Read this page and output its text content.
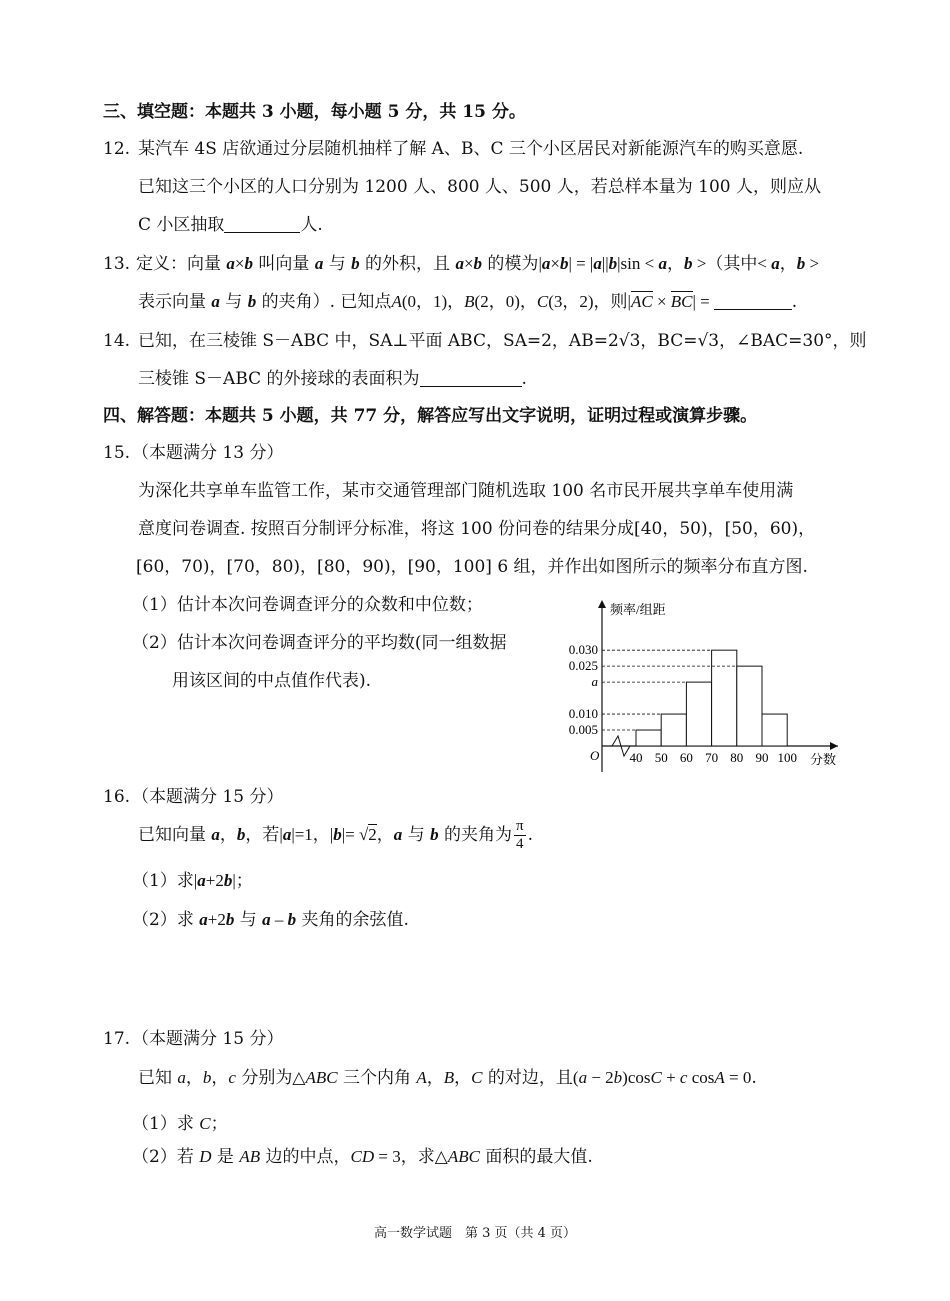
三、填空题：本题共 3 小题，每小题 5 分，共 15 分。
12. 某汽车 4S 店欲通过分层随机抽样了解 A、B、C 三个小区居民对新能源汽车的购买意愿.
已知这三个小区的人口分别为 1200 人、800 人、500 人，若总样本量为 100 人，则应从
C 小区抽取	人.
13. 定义：向量 a×b 叫向量 a 与 b 的外积，且 a×b 的模为|a×b| = |a||b|sin < a，b >（其中< a，b >
表示向量 a 与 b 的夹角）. 已知点A(0，1)，B(2，0)，C(3，2)，则|AC × BC| =	.
14. 已知，在三棱锥 S－ABC 中，SA⊥平面 ABC，SA=2，AB=2√3，BC=√3，∠BAC=30°，则
三棱锥 S－ABC 的外接球的表面积为	.
四、解答题：本题共 5 小题，共 77 分，解答应写出文字说明，证明过程或演算步骤。
15. （本题满分 13 分）
为深化共享单车监管工作，某市交通管理部门随机选取 100 名市民开展共享单车使用满
意度问卷调查. 按照百分制评分标准，将这 100 份问卷的结果分成[40，50)，[50，60)，
[60，70)，[70，80)，[80，90)，[90，100] 6 组，并作出如图所示的频率分布直方图.
（1）估计本次问卷调查评分的众数和中位数；
（2）估计本次问卷调查评分的平均数(同一组数据
用该区间的中点值作代表).
频率/组距
O
0.030
0.025
a
0.010
0.005
40 50 60 70 80 90 100 分数
16. （本题满分 15 分）
已知向量 a，b，若|a|=1，|b|= √2，a 与 b 的夹角为 $\frac{\pi}{4}$ .
（1）求|a+2b|；
（2）求 a+2b 与 a – b 夹角的余弦值.
17. （本题满分 15 分）
已知 a，b，c 分别为△ABC 三个内角 A，B，C 的对边，且(a − 2b)cosC + c cosA = 0.
（1）求 C；
（2）若 D 是 AB 边的中点，CD = 3，求△ABC 面积的最大值.
高一数学试题　第 3 页（共 4 页）
